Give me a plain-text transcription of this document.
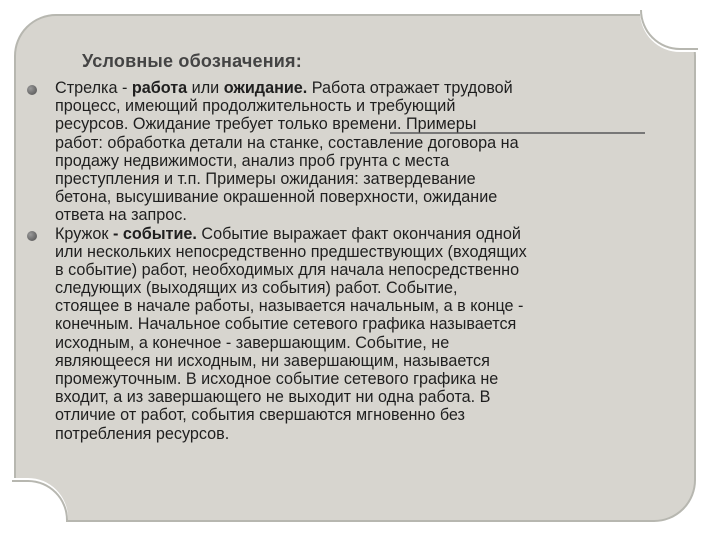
Условные обозначения:
Стрелка - работа или ожидание. Работа отражает трудовой
процесс, имеющий продолжительность и требующий
ресурсов. Ожидание требует только времени. Примеры
работ: обработка детали на станке, составление договора на
продажу недвижимости, анализ проб грунта с места
преступления и т.п. Примеры ожидания: затвердевание
бетона, высушивание окрашенной поверхности, ожидание
ответа на запрос.
Кружок - событие. Событие выражает факт окончания одной
или нескольких непосредственно предшествующих (входящих
в событие) работ, необходимых для начала непосредственно
следующих (выходящих из события) работ. Событие,
стоящее в начале работы, называется начальным, а в конце -
конечным. Начальное событие сетевого графика называется
исходным, а конечное - завершающим. Событие, не
являющееся ни исходным, ни завершающим, называется
промежуточным. В исходное событие сетевого графика не
входит, а из завершающего не выходит ни одна работа. В
отличие от работ, события свершаются мгновенно без
потребления ресурсов.
